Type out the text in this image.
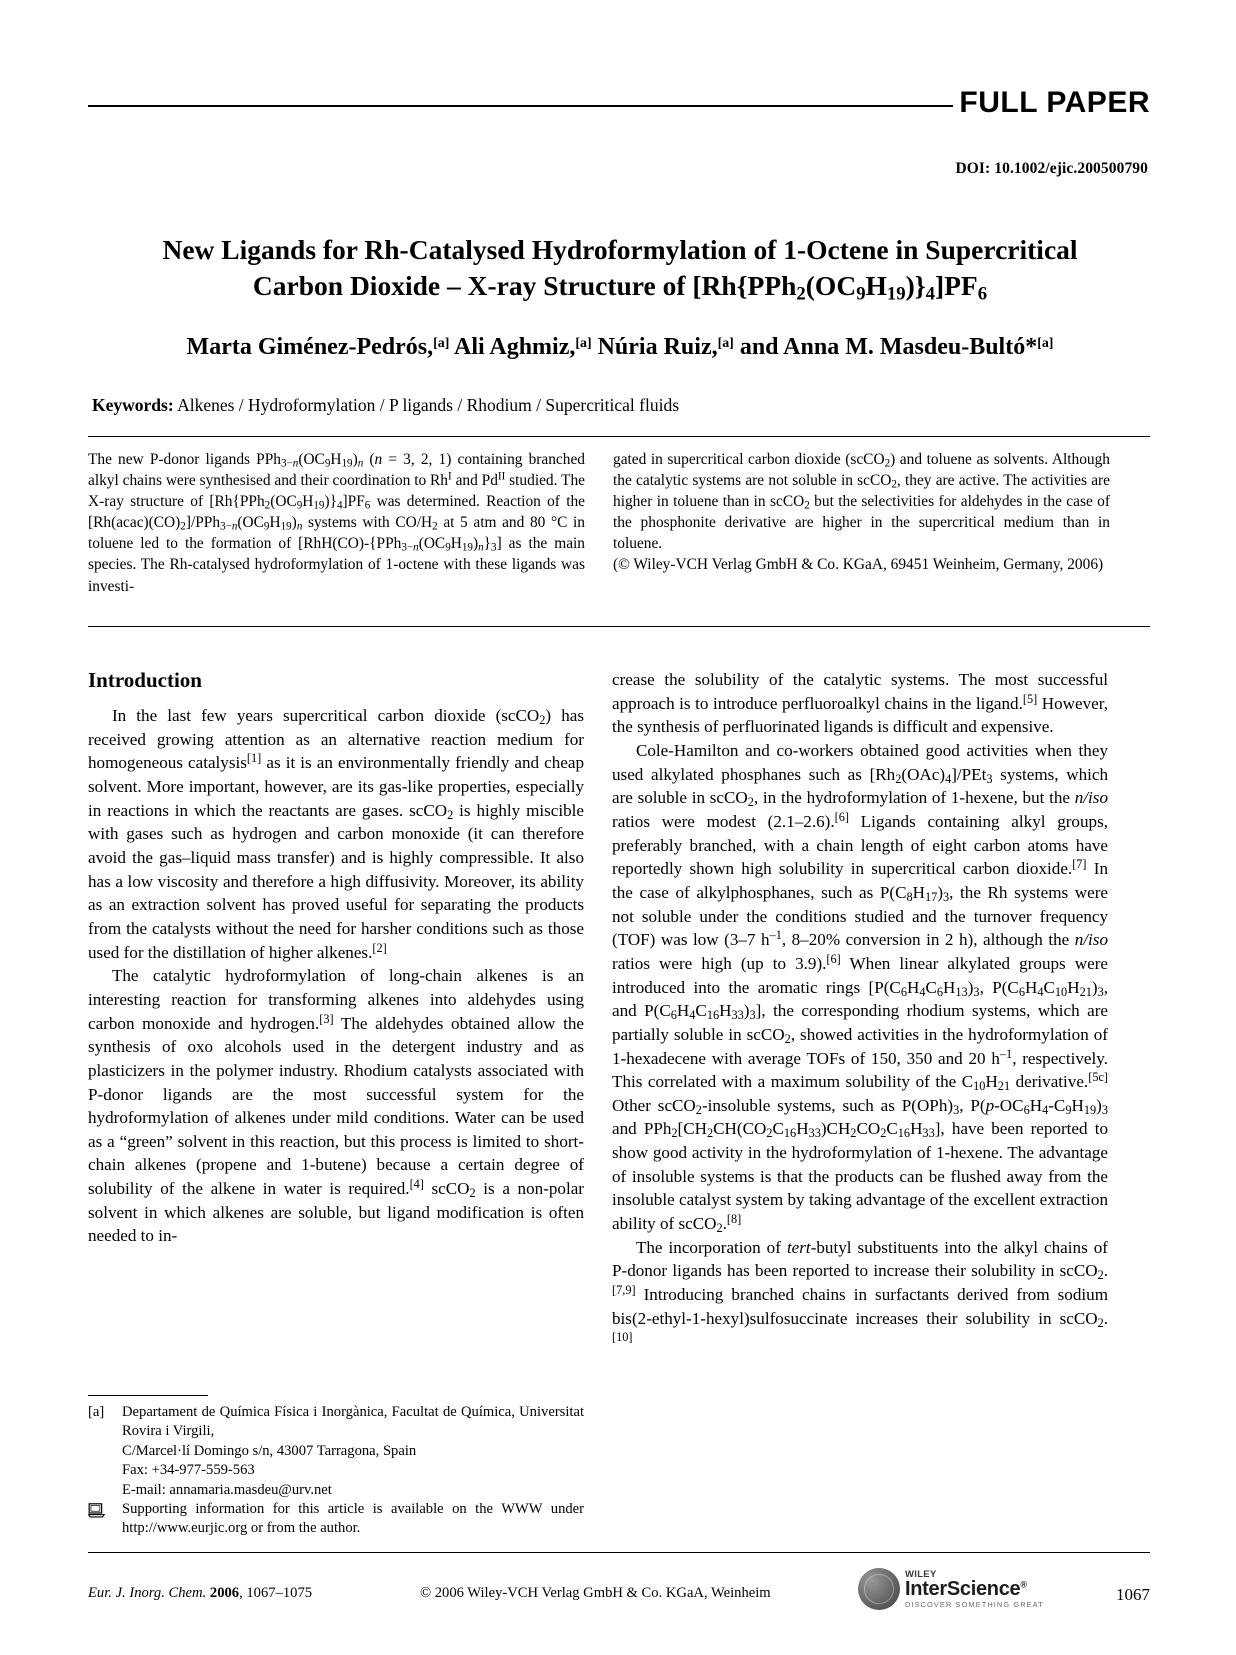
FULL PAPER
DOI: 10.1002/ejic.200500790
New Ligands for Rh-Catalysed Hydroformylation of 1-Octene in Supercritical
Carbon Dioxide – X-ray Structure of $[Rh\{PPh_2(OC_9H_{19})\}_4]PF_6$
Marta Giménez-Pedrós,[a] Ali Aghmiz,[a] Núria Ruiz,[a] and Anna M. Masdeu-Bultó*[a]
Keywords: Alkenes / Hydroformylation / P ligands / Rhodium / Supercritical fluids

The new P-donor ligands $PPh_{3-n}(OC_9H_{19})_n$ (n = 3, 2, 1) containing branched alkyl chains were synthesised and their coordination to $Rh^I$ and $Pd^{II}$ studied. The X-ray structure of $[Rh\{PPh_2(OC_9H_{19})\}_4]PF_6$ was determined. Reaction of the $[Rh(acac)(CO)_2]/PPh_{3-n}(OC_9H_{19})_n$ systems with $CO/H_2$ at 5 atm and 80 °C in toluene led to the formation of $[RhH(CO)-\{PPh_{3-n}(OC_9H_{19})_n\}_3]$ as the main species. The Rh-catalysed hydroformylation of 1-octene with these ligands was investi-

gated in supercritical carbon dioxide (scCO$_2$) and toluene as solvents. Although the catalytic systems are not soluble in scCO$_2$, they are active. The activities are higher in toluene than in scCO$_2$ but the selectivities for aldehydes in the case of the phosphonite derivative are higher in the supercritical medium than in toluene.
(© Wiley-VCH Verlag GmbH & Co. KGaA, 69451 Weinheim, Germany, 2006)

Introduction

In the last few years supercritical carbon dioxide (scCO$_2$) has received growing attention as an alternative reaction medium for homogeneous catalysis[1] as it is an environmentally friendly and cheap solvent. More important, however, are its gas-like properties, especially in reactions in which the reactants are gases. scCO$_2$ is highly miscible with gases such as hydrogen and carbon monoxide (it can therefore avoid the gas–liquid mass transfer) and is highly compressible. It also has a low viscosity and therefore a high diffusivity. Moreover, its ability as an extraction solvent has proved useful for separating the products from the catalysts without the need for harsher conditions such as those used for the distillation of higher alkenes.[2]

The catalytic hydroformylation of long-chain alkenes is an interesting reaction for transforming alkenes into aldehydes using carbon monoxide and hydrogen.[3] The aldehydes obtained allow the synthesis of oxo alcohols used in the detergent industry and as plasticizers in the polymer industry. Rhodium catalysts associated with P-donor ligands are the most successful system for the hydroformylation of alkenes under mild conditions. Water can be used as a “green” solvent in this reaction, but this process is limited to short-chain alkenes (propene and 1-butene) because a certain degree of solubility of the alkene in water is required.[4] scCO$_2$ is a non-polar solvent in which alkenes are soluble, but ligand modification is often needed to in-

crease the solubility of the catalytic systems. The most successful approach is to introduce perfluoroalkyl chains in the ligand.[5] However, the synthesis of perfluorinated ligands is difficult and expensive.

Cole-Hamilton and co-workers obtained good activities when they used alkylated phosphanes such as $[Rh_2(OAc)_4]/PEt_3$ systems, which are soluble in scCO$_2$, in the hydroformylation of 1-hexene, but the n/iso ratios were modest (2.1–2.6).[6] Ligands containing alkyl groups, preferably branched, with a chain length of eight carbon atoms have reportedly shown high solubility in supercritical carbon dioxide.[7] In the case of alkylphosphanes, such as $P(C_8H_{17})_3$, the Rh systems were not soluble under the conditions studied and the turnover frequency (TOF) was low (3–7 $h^{-1}$, 8–20% conversion in 2 h), although the n/iso ratios were high (up to 3.9).[6] When linear alkylated groups were introduced into the aromatic rings [$P(C_6H_4C_6H_{13})_3$, $P(C_6H_4C_{10}H_{21})_3$, and $P(C_6H_4C_{16}H_{33})_3$], the corresponding rhodium systems, which are partially soluble in scCO$_2$, showed activities in the hydroformylation of 1-hexadecene with average TOFs of 150, 350 and 20 $h^{-1}$, respectively. This correlated with a maximum solubility of the $C_{10}H_{21}$ derivative.[5c] Other scCO$_2$-insoluble systems, such as $P(OPh)_3$, $P(p-OC_6H_4-C_9H_{19})_3$ and $PPh_2[CH_2CH(CO_2C_{16}H_{33})CH_2CO_2C_{16}H_{33}]$, have been reported to show good activity in the hydroformylation of 1-hexene. The advantage of insoluble systems is that the products can be flushed away from the insoluble catalyst system by taking advantage of the excellent extraction ability of scCO$_2$.[8]

The incorporation of tert-butyl substituents into the alkyl chains of P-donor ligands has been reported to increase their solubility in scCO$_2$.[7,9] Introducing branched chains in surfactants derived from sodium bis(2-ethyl-1-hexyl)sulfosuccinate increases their solubility in scCO$_2$.[10]

[a]	Departament de Química Física i Inorgànica, Facultat de Química, Universitat Rovira i Virgili,
C/Marcel·lí Domingo s/n, 43007 Tarragona, Spain
Fax: +34-977-559-563
E-mail: annamaria.masdeu@urv.net
Supporting information for this article is available on the WWW under http://www.eurjic.org or from the author.
Eur. J. Inorg. Chem. 2006, 1067–1075	© 2006 Wiley-VCH Verlag GmbH & Co. KGaA, Weinheim
WILEY
InterScience®
DISCOVER SOMETHING GREAT
1067
